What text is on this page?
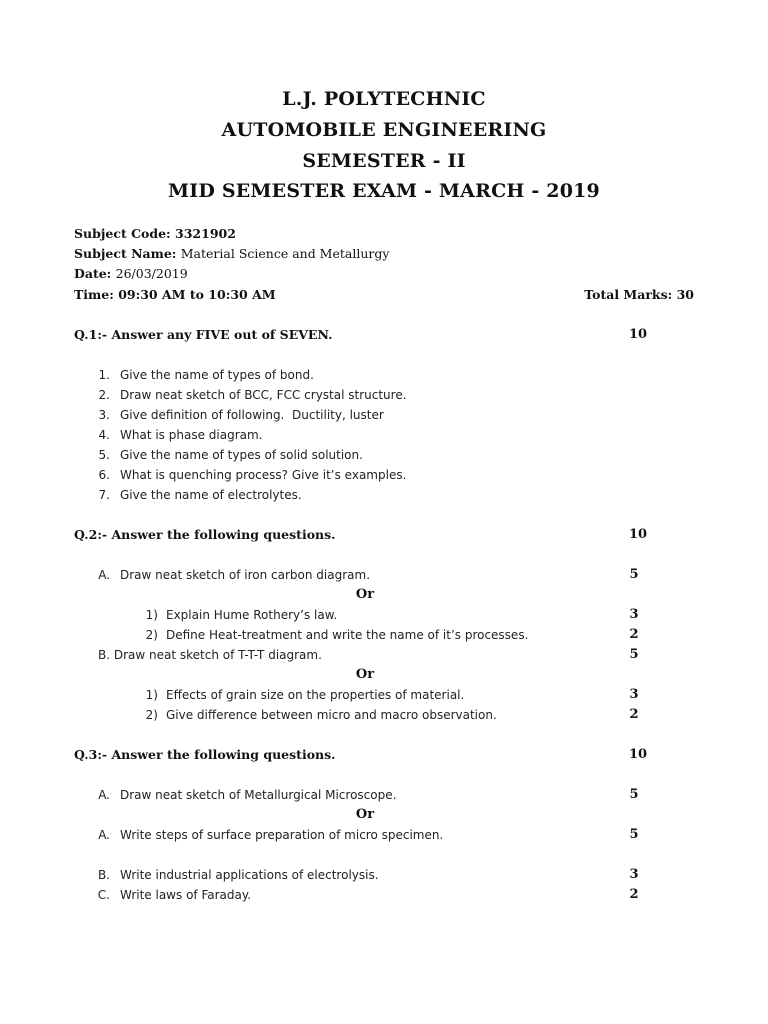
L.J. POLYTECHNIC
AUTOMOBILE ENGINEERING
SEMESTER - II
MID SEMESTER EXAM - MARCH - 2019
Subject Code: 3321902
Subject Name: Material Science and Metallurgy
Date: 26/03/2019
Time: 09:30 AM to 10:30 AM	Total Marks: 30
Q.1:- Answer any FIVE out of SEVEN.	10
1. Give the name of types of bond.
2. Draw neat sketch of BCC, FCC crystal structure.
3. Give definition of following.  Ductility, luster
4. What is phase diagram.
5. Give the name of types of solid solution.
6. What is quenching process? Give it’s examples.
7. Give the name of electrolytes.
Q.2:- Answer the following questions.	10
A. Draw neat sketch of iron carbon diagram.	5
Or
1) Explain Hume Rothery’s law.	3
2) Define Heat-treatment and write the name of it’s processes.	2
B. Draw neat sketch of T-T-T diagram.	5
Or
1) Effects of grain size on the properties of material.	3
2) Give difference between micro and macro observation.	2
Q.3:- Answer the following questions.	10
A. Draw neat sketch of Metallurgical Microscope.	5
Or
A. Write steps of surface preparation of micro specimen.	5
B. Write industrial applications of electrolysis.	3
C. Write laws of Faraday.	2
